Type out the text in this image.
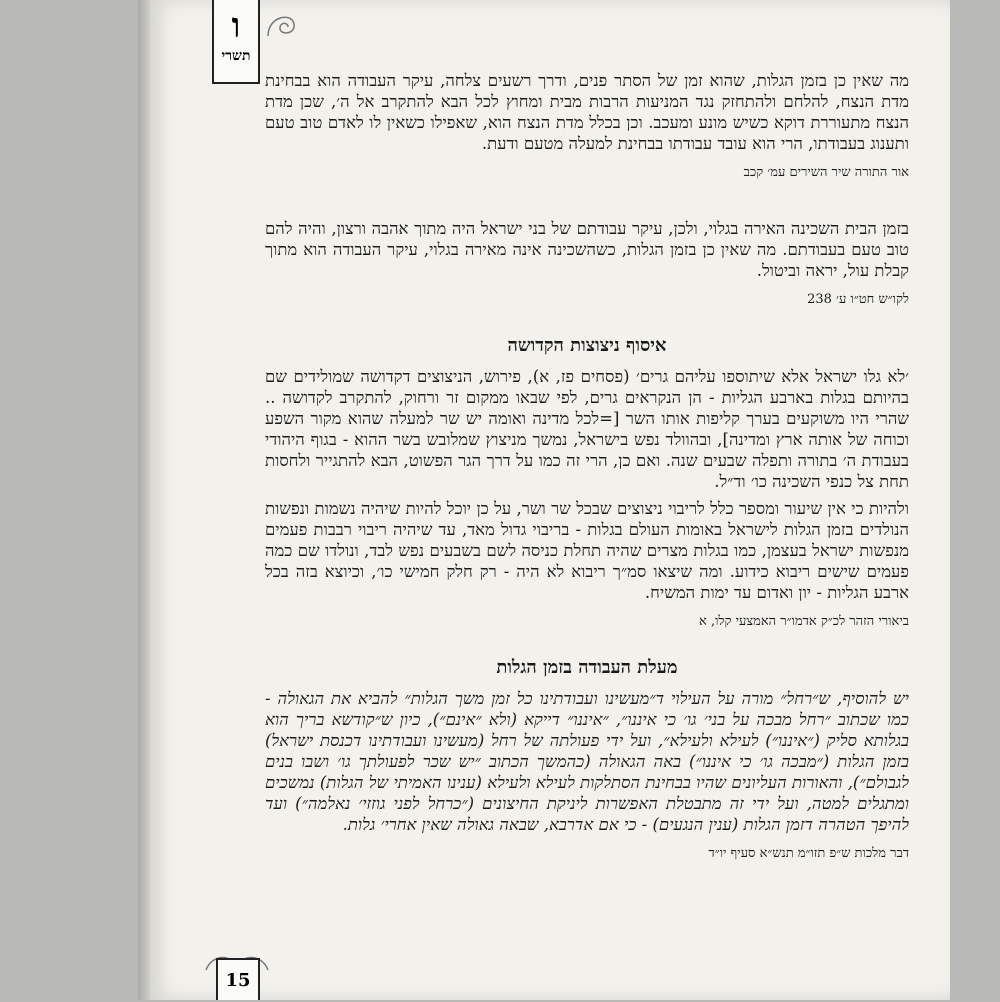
ו
תשרי

מה שאין כן בזמן הגלות, שהוא זמן של הסתר פנים, ודרך רשעים צלחה, עיקר העבודה הוא בבחינת מדת הנצח, להלחם ולהתחזק נגד המניעות הרבות מבית ומחוץ לכל הבא להתקרב אל ה׳, שכן מדת הנצח מתעוררת דוקא כשיש מונע ומעכב. וכן בכלל מדת הנצח הוא, שאפילו כשאין לו לאדם טוב טעם ותענוג בעבודתו, הרי הוא עובד עבודתו בבחינת למעלה מטעם ודעת.

אור התורה שיר השירים עמ׳ קכב

בזמן הבית השכינה האירה בגלוי, ולכן, עיקר עבודתם של בני ישראל היה מתוך אהבה ורצון, והיה להם טוב טעם בעבודתם. מה שאין כן בזמן הגלות, כשהשכינה אינה מאירה בגלוי, עיקר העבודה הוא מתוך קבלת עול, יראה וביטול.

לקו״ש חט״ו ע׳ 238

איסוף ניצוצות הקדושה

׳לא גלו ישראל אלא שיתוספו עליהם גרים׳ (פסחים פז, א), פירוש, הניצוצים דקדושה שמולידים שם בהיותם בגלות בארבע הגליות - הן הנקראים גרים, לפי שבאו ממקום זר ורחוק, להתקרב לקדושה .. שהרי היו משוקעים בערך קליפות אותו השר [=לכל מדינה ואומה יש שר למעלה שהוא מקור השפע וכוחה של אותה ארץ ומדינה], ובהוולד נפש בישראל, נמשך מניצוץ שמלובש בשר ההוא - בגוף היהודי בעבודת ה׳ בתורה ותפלה שבעים שנה. ואם כן, הרי זה כמו על דרך הגר הפשוט, הבא להתגייר ולחסות תחת צל כנפי השכינה כו׳ וד״ל.

ולהיות כי אין שיעור ומספר כלל לריבוי ניצוצים שבכל שר ושר, על כן יוכל להיות שיהיה נשמות ונפשות הנולדים בזמן הגלות לישראל באומות העולם בגלות - בריבוי גדול מאד, עד שיהיה ריבוי רבבות פעמים מנפשות ישראל בעצמן, כמו בגלות מצרים שהיה תחלת כניסה לשם בשבעים נפש לבד, ונולדו שם כמה פעמים שישים ריבוא כידוע. ומה שיצאו סמ״ך ריבוא לא היה - רק חלק חמישי כו׳, וכיוצא בזה בכל ארבע הגליות - יון ואדום עד ימות המשיח.

ביאורי הזהר לכ״ק אדמו״ר האמצעי קלו, א

מעלת העבודה בזמן הגלות

יש להוסיף, ש״רחל״ מורה על העילוי ד״מעשינו ועבודתינו כל זמן משך הגלות״ להביא את הגאולה - כמו שכתוב ״רחל מבכה על בני׳ גו׳ כי איננו״, ״איננו״ דייקא (ולא ״אינם״), כיון ש״קודשא בריך הוא בגלותא סליק (״איננו״) לעילא ולעילא״, ועל ידי פעולתה של רחל (מעשינו ועבודתינו דכנסת ישראל) בזמן הגלות (״מבכה גו׳ כי איננו״) באה הגאולה (כהמשך הכתוב ״יש שכר לפעולתך גו׳ ושבו בנים לגבולם״), והאורות העליונים שהיו בבחינת הסתלקות לעילא ולעילא (ענינו האמיתי של הגלות) נמשכים ומתגלים למטה, ועל ידי זה מתבטלת האפשרות ליניקת החיצונים (״כרחל לפני גוזזי׳ נאלמה״) ועד להיפך הטהרה דזמן הגלות (ענין הנגעים) - כי אם אדרבא, שבאה גאולה שאין אחרי׳ גלות.

דבר מלכות ש״פ תזו״מ תנש״א סעיף יו״ד

15
